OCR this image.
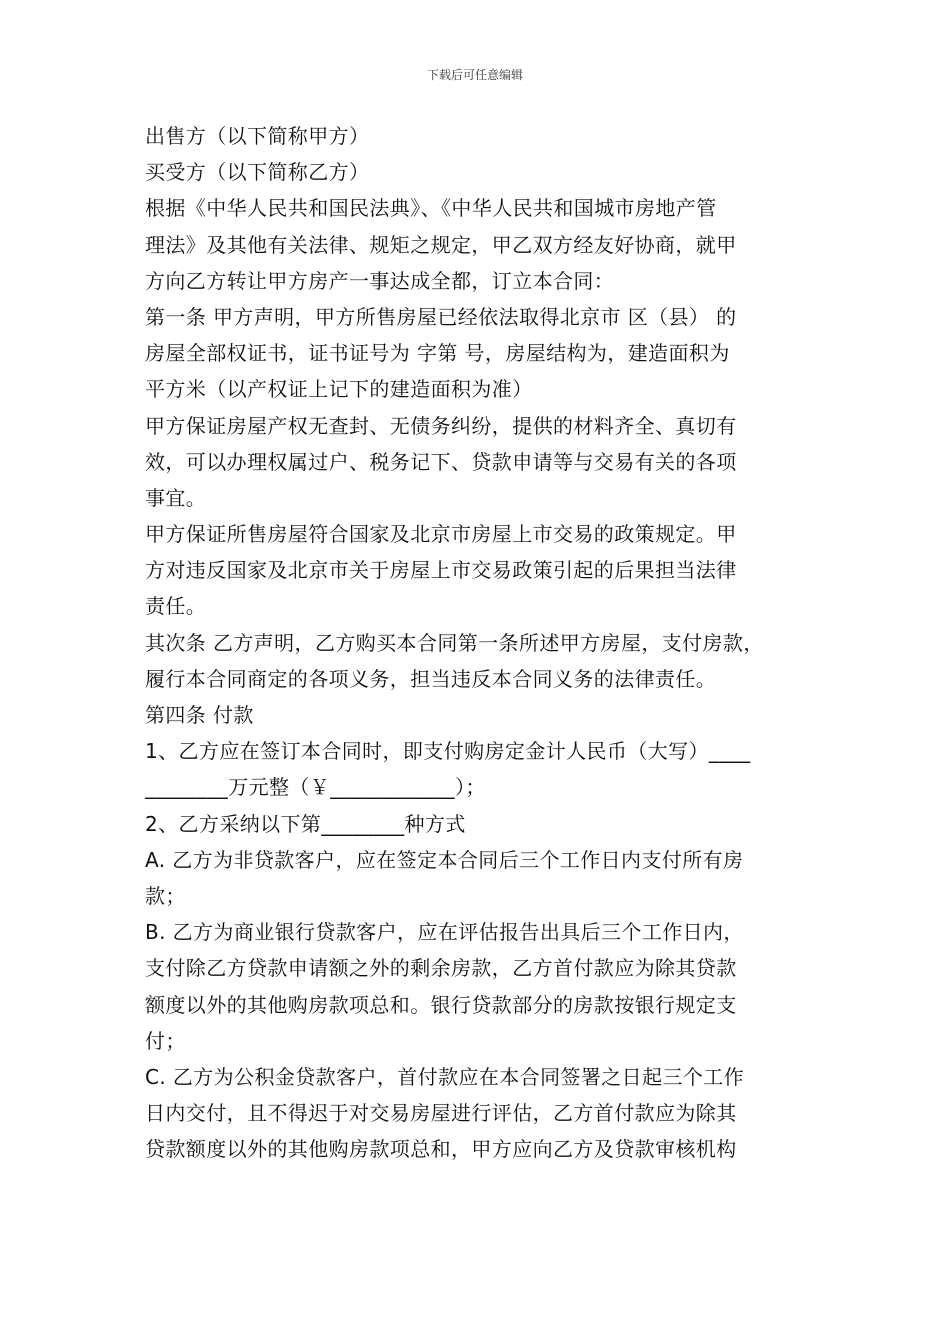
下载后可任意编辑
出售方（以下简称甲方）
买受方（以下简称乙方）
根据《中华人民共和国民法典》、《中华人民共和国城市房地产管
理法》及其他有关法律、规矩之规定，甲乙双方经友好协商，就甲
方向乙方转让甲方房产一事达成全都，订立本合同：
第一条 甲方声明，甲方所售房屋已经依法取得北京市 区（县） 的
房屋全部权证书，证书证号为 字第 号，房屋结构为，建造面积为
平方米（以产权证上记下的建造面积为准）
甲方保证房屋产权无查封、无债务纠纷，提供的材料齐全、真切有
效，可以办理权属过户、税务记下、贷款申请等与交易有关的各项
事宜。
甲方保证所售房屋符合国家及北京市房屋上市交易的政策规定。甲
方对违反国家及北京市关于房屋上市交易政策引起的后果担当法律
责任。
其次条 乙方声明，乙方购买本合同第一条所述甲方房屋，支付房款，
履行本合同商定的各项义务，担当违反本合同义务的法律责任。
第四条 付款
1、乙方应在签订本合同时，即支付购房定金计人民币（大写）____
________万元整（￥____________）；
2、乙方采纳以下第________种方式
A. 乙方为非贷款客户，应在签定本合同后三个工作日内支付所有房
款；
B. 乙方为商业银行贷款客户，应在评估报告出具后三个工作日内，
支付除乙方贷款申请额之外的剩余房款，乙方首付款应为除其贷款
额度以外的其他购房款项总和。银行贷款部分的房款按银行规定支
付；
C. 乙方为公积金贷款客户，首付款应在本合同签署之日起三个工作
日内交付，且不得迟于对交易房屋进行评估，乙方首付款应为除其
贷款额度以外的其他购房款项总和，甲方应向乙方及贷款审核机构
